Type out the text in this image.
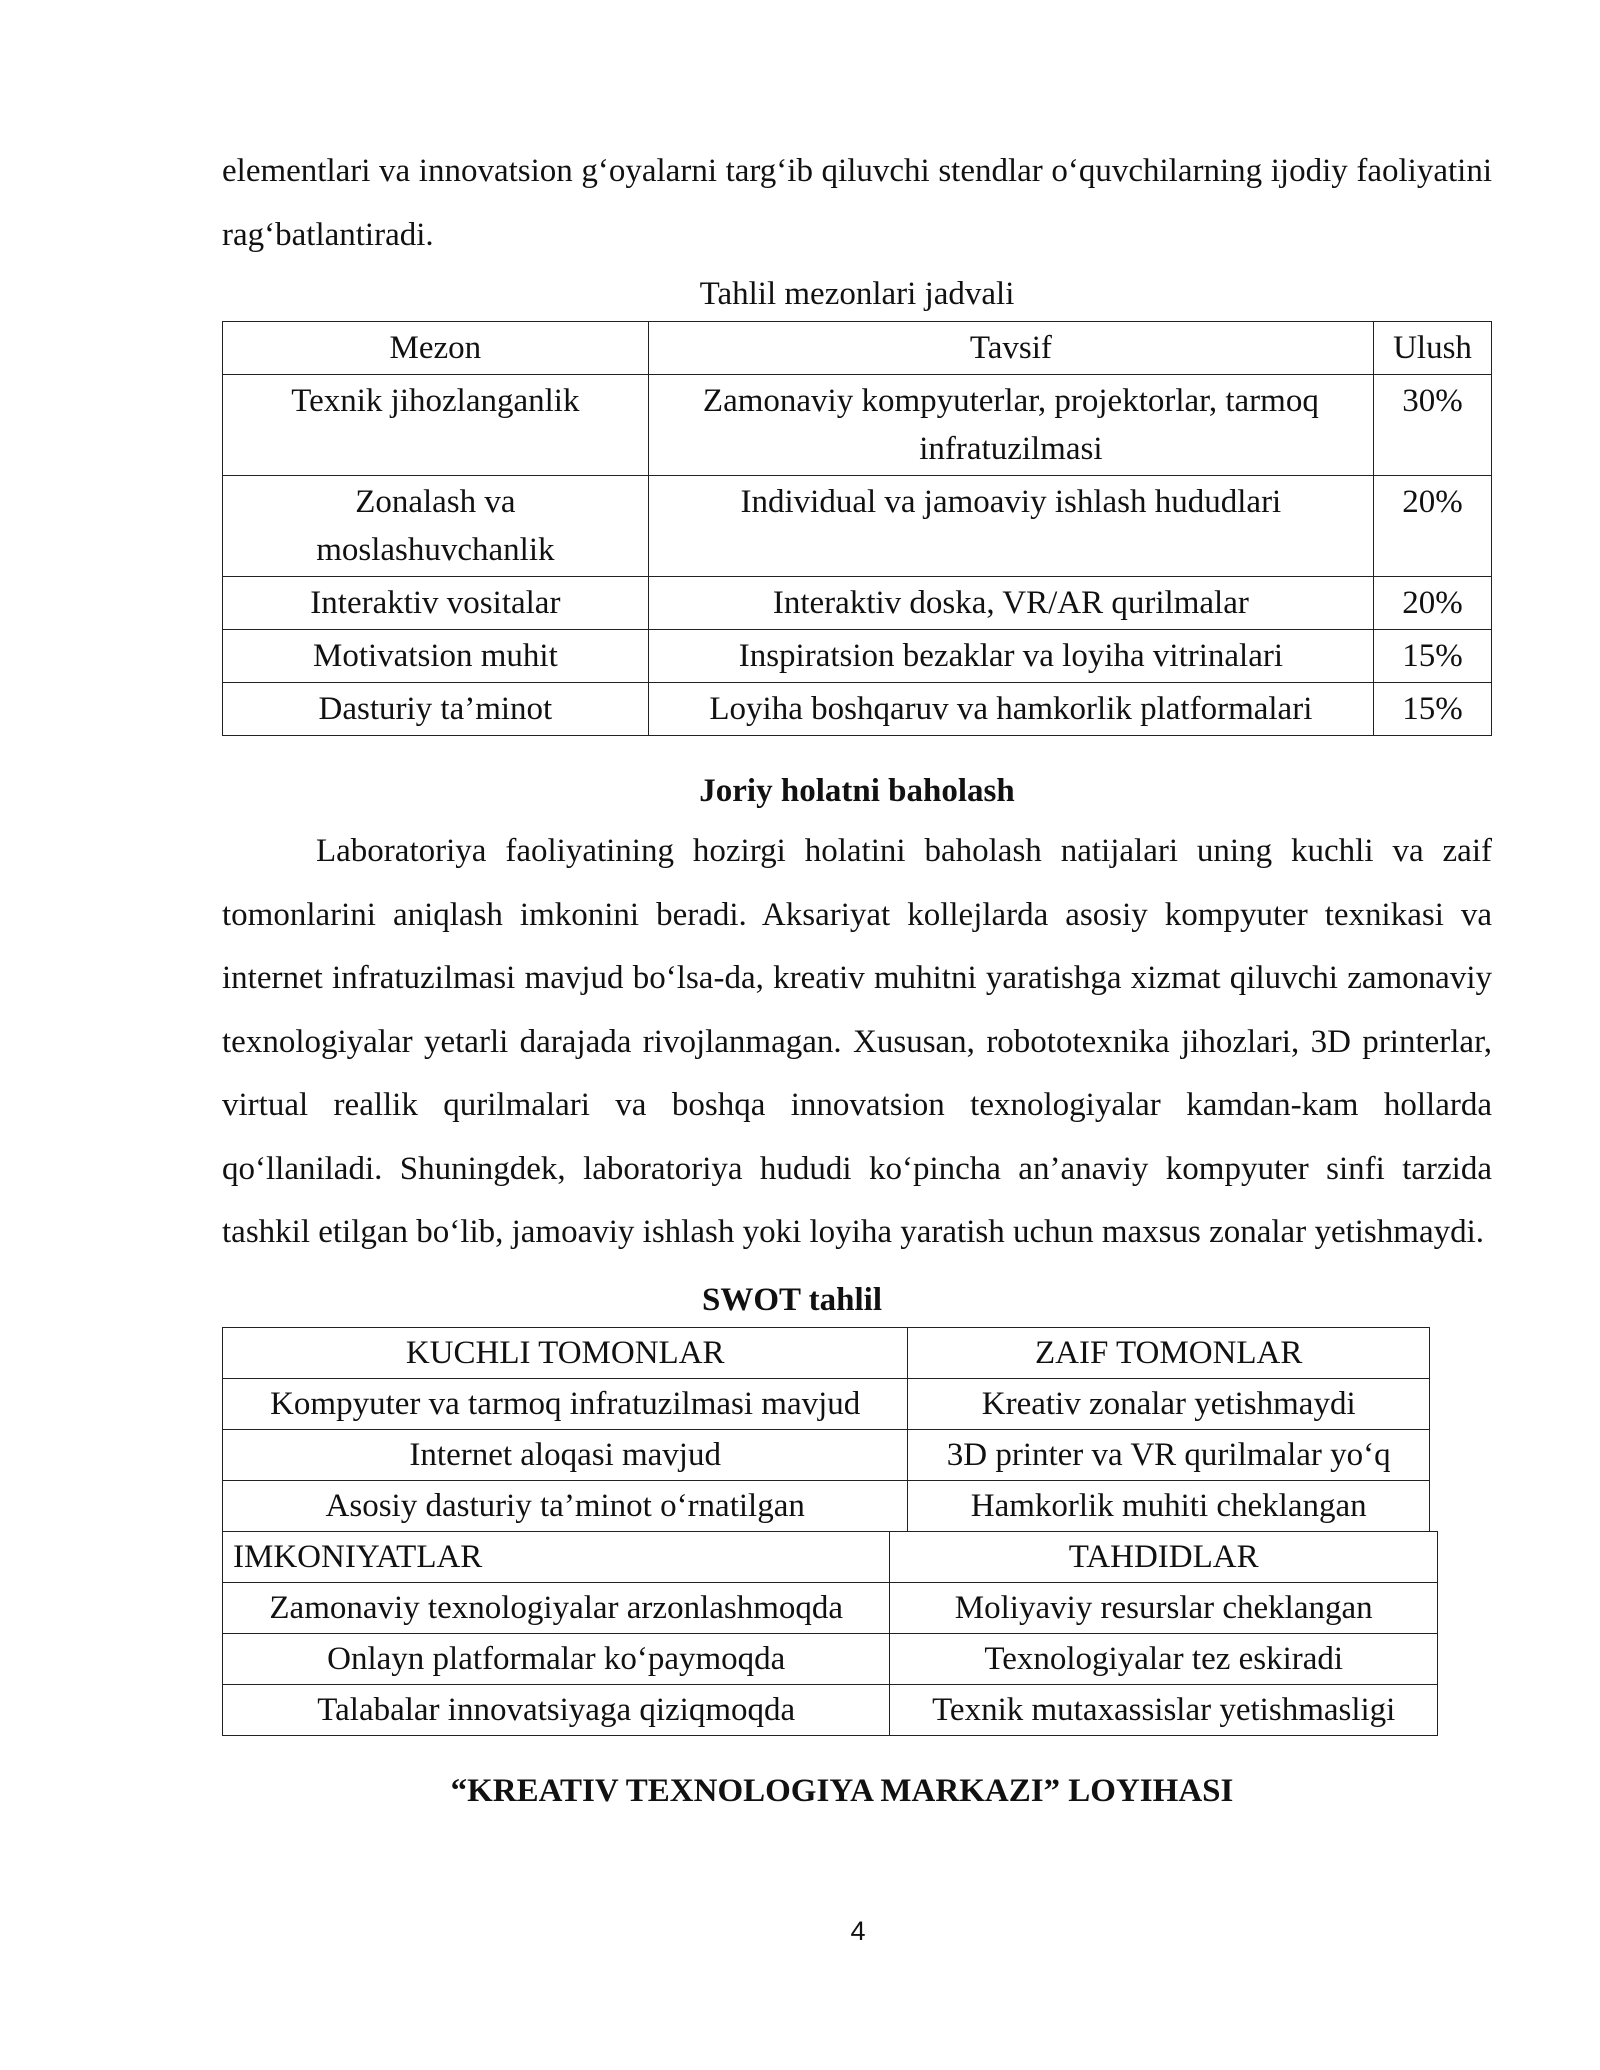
elementlari va innovatsion g‘oyalarni targ‘ib qiluvchi stendlar o‘quvchilarning ijodiy faoliyatini rag‘batlantiradi.

Tahlil mezonlari jadvali

Mezon	Tavsif	Ulush
Texnik jihozlanganlik	Zamonaviy kompyuterlar, projektorlar, tarmoq infratuzilmasi	30%
Zonalash va moslashuvchanlik	Individual va jamoaviy ishlash hududlari	20%
Interaktiv vositalar	Interaktiv doska, VR/AR qurilmalar	20%
Motivatsion muhit	Inspiratsion bezaklar va loyiha vitrinalari	15%
Dasturiy ta’minot	Loyiha boshqaruv va hamkorlik platformalari	15%

Joriy holatni baholash

Laboratoriya faoliyatining hozirgi holatini baholash natijalari uning kuchli va zaif tomonlarini aniqlash imkonini beradi. Aksariyat kollejlarda asosiy kompyuter texnikasi va internet infratuzilmasi mavjud bo‘lsa-da, kreativ muhitni yaratishga xizmat qiluvchi zamonaviy texnologiyalar yetarli darajada rivojlanmagan. Xususan, robototexnika jihozlari, 3D printerlar, virtual reallik qurilmalari va boshqa innovatsion texnologiyalar kamdan-kam hollarda qo‘llaniladi. Shuningdek, laboratoriya hududi ko‘pincha an’anaviy kompyuter sinfi tarzida tashkil etilgan bo‘lib, jamoaviy ishlash yoki loyiha yaratish uchun maxsus zonalar yetishmaydi.

SWOT tahlil

KUCHLI TOMONLAR	ZAIF TOMONLAR
Kompyuter va tarmoq infratuzilmasi mavjud	Kreativ zonalar yetishmaydi
Internet aloqasi mavjud	3D printer va VR qurilmalar yo‘q
Asosiy dasturiy ta’minot o‘rnatilgan	Hamkorlik muhiti cheklangan
IMKONIYATLAR	TAHDIDLAR
Zamonaviy texnologiyalar arzonlashmoqda	Moliyaviy resurslar cheklangan
Onlayn platformalar ko‘paymoqda	Texnologiyalar tez eskiradi
Talabalar innovatsiyaga qiziqmoqda	Texnik mutaxassislar yetishmasligi

“KREATIV TEXNOLOGIYA MARKAZI” LOYIHASI

4
